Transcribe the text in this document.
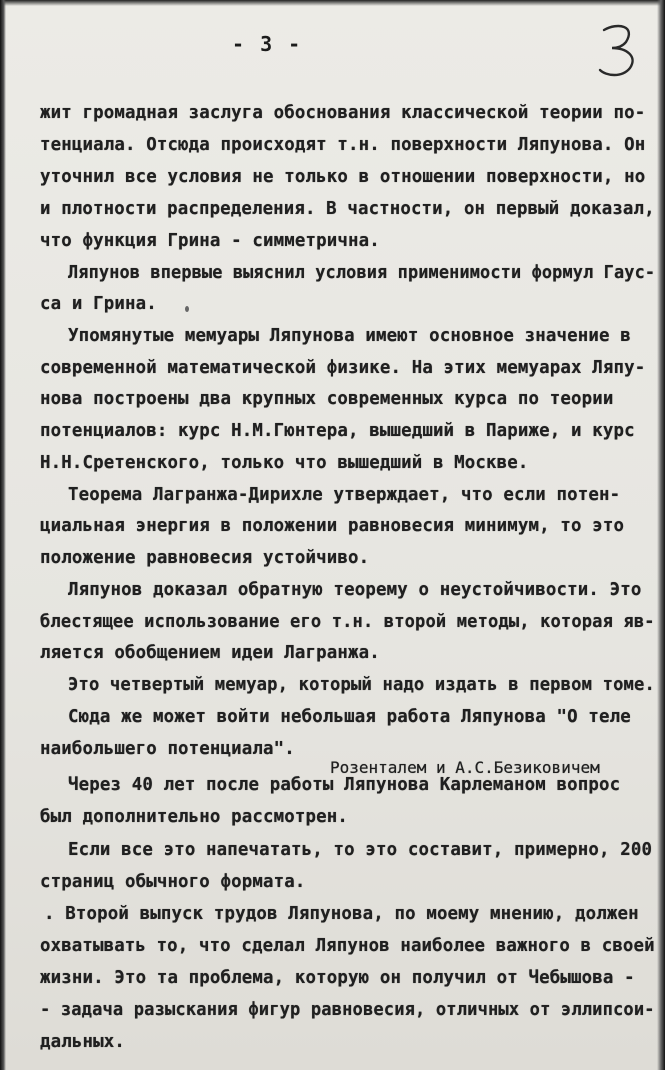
- 3 -
жит громадная заслуга обоснования классической теории по-
тенциала. Отсюда происходят т.н. поверхности Ляпунова. Он
уточнил все условия не только в отношении поверхности, но
и плотности распределения. В частности, он первый доказал,
что функция Грина - симметрична.
Ляпунов впервые выяснил условия применимости формул Гаус-
са и Грина.
Упомянутые мемуары Ляпунова имеют основное значение в
современной математической физике. На этих мемуарах Ляпу-
нова построены два крупных современных курса по теории
потенциалов: курс Н.М.Гюнтера, вышедший в Париже, и курс
Н.Н.Сретенского, только что вышедший в Москве.
Теорема Лагранжа-Дирихле утверждает, что если потен-
циальная энергия в положении равновесия минимум, то это
положение равновесия устойчиво.
Ляпунов доказал обратную теорему о неустойчивости. Это
блестящее использование его т.н. второй методы, которая яв-
ляется обобщением идеи Лагранжа.
Это четвертый мемуар, который надо издать в первом томе.
Сюда же может войти небольшая работа Ляпунова "О теле
наибольшего потенциала".
Розенталем и А.С.Безиковичем
Через 40 лет после работы Ляпунова Карлеманом вопрос
был дополнительно рассмотрен.
Если все это напечатать, то это составит, примерно, 200
страниц обычного формата.
. Второй выпуск трудов Ляпунова, по моему мнению, должен
охватывать то, что сделал Ляпунов наиболее важного в своей
жизни. Это та проблема, которую он получил от Чебышова -
- задача разыскания фигур равновесия, отличных от эллипсои-
дальных.
